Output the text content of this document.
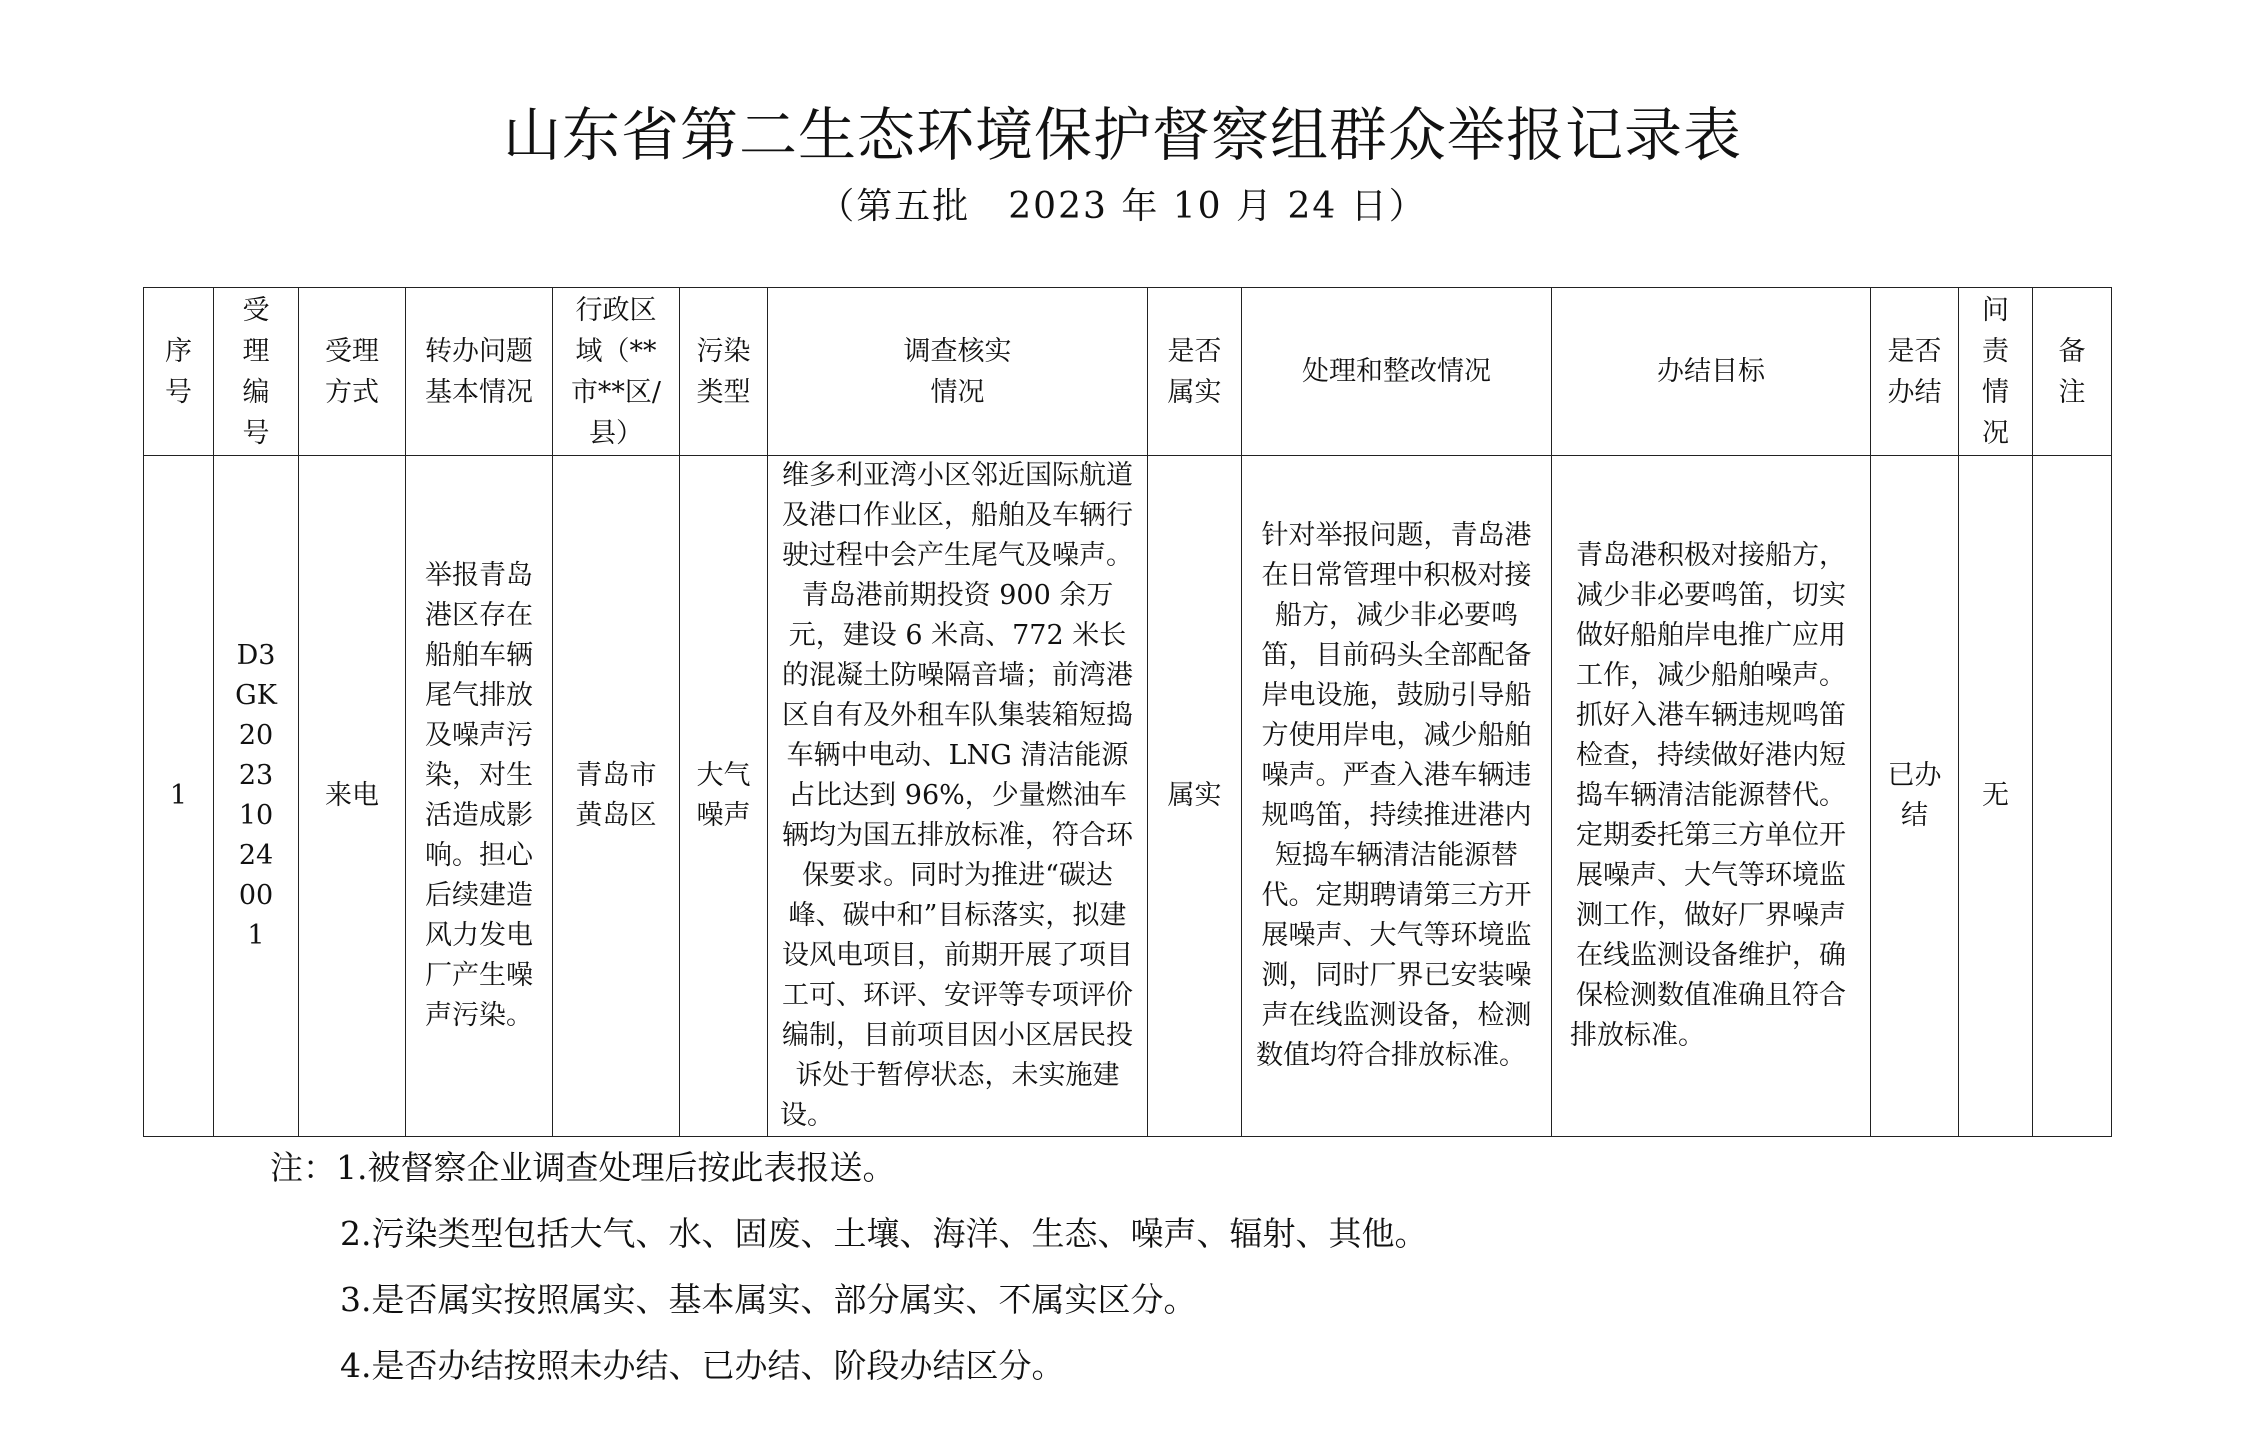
山东省第二生态环境保护督察组群众举报记录表
（第五批　2023 年 10 月 24 日）
序号	受理编号	受理方式	转办问题基本情况	行政区域（**市**区/县）	污染类型	调查核实情况	是否属实	处理和整改情况	办结目标	是否办结	问责情况	备注
1	D3GK20231024001	来电	举报青岛港区存在船舶车辆尾气排放及噪声污染，对生活造成影响。担心后续建造风力发电厂产生噪声污染。	青岛市黄岛区	大气噪声	维多利亚湾小区邻近国际航道及港口作业区，船舶及车辆行驶过程中会产生尾气及噪声。青岛港前期投资 900 余万元，建设 6 米高、772 米长的混凝土防噪隔音墙；前湾港区自有及外租车队集装箱短捣车辆中电动、LNG 清洁能源占比达到 96%，少量燃油车辆均为国五排放标准，符合环保要求。同时为推进“碳达峰、碳中和”目标落实，拟建设风电项目，前期开展了项目工可、环评、安评等专项评价编制，目前项目因小区居民投诉处于暂停状态，未实施建设。	属实	针对举报问题，青岛港在日常管理中积极对接船方，减少非必要鸣笛，目前码头全部配备岸电设施，鼓励引导船方使用岸电，减少船舶噪声。严查入港车辆违规鸣笛，持续推进港内短捣车辆清洁能源替代。定期聘请第三方开展噪声、大气等环境监测，同时厂界已安装噪声在线监测设备，检测数值均符合排放标准。	青岛港积极对接船方，减少非必要鸣笛，切实做好船舶岸电推广应用工作，减少船舶噪声。抓好入港车辆违规鸣笛检查，持续做好港内短捣车辆清洁能源替代。定期委托第三方单位开展噪声、大气等环境监测工作，做好厂界噪声在线监测设备维护，确保检测数值准确且符合排放标准。	已办结	无	
注：1.被督察企业调查处理后按此表报送。
2.污染类型包括大气、水、固废、土壤、海洋、生态、噪声、辐射、其他。
3.是否属实按照属实、基本属实、部分属实、不属实区分。
4.是否办结按照未办结、已办结、阶段办结区分。
